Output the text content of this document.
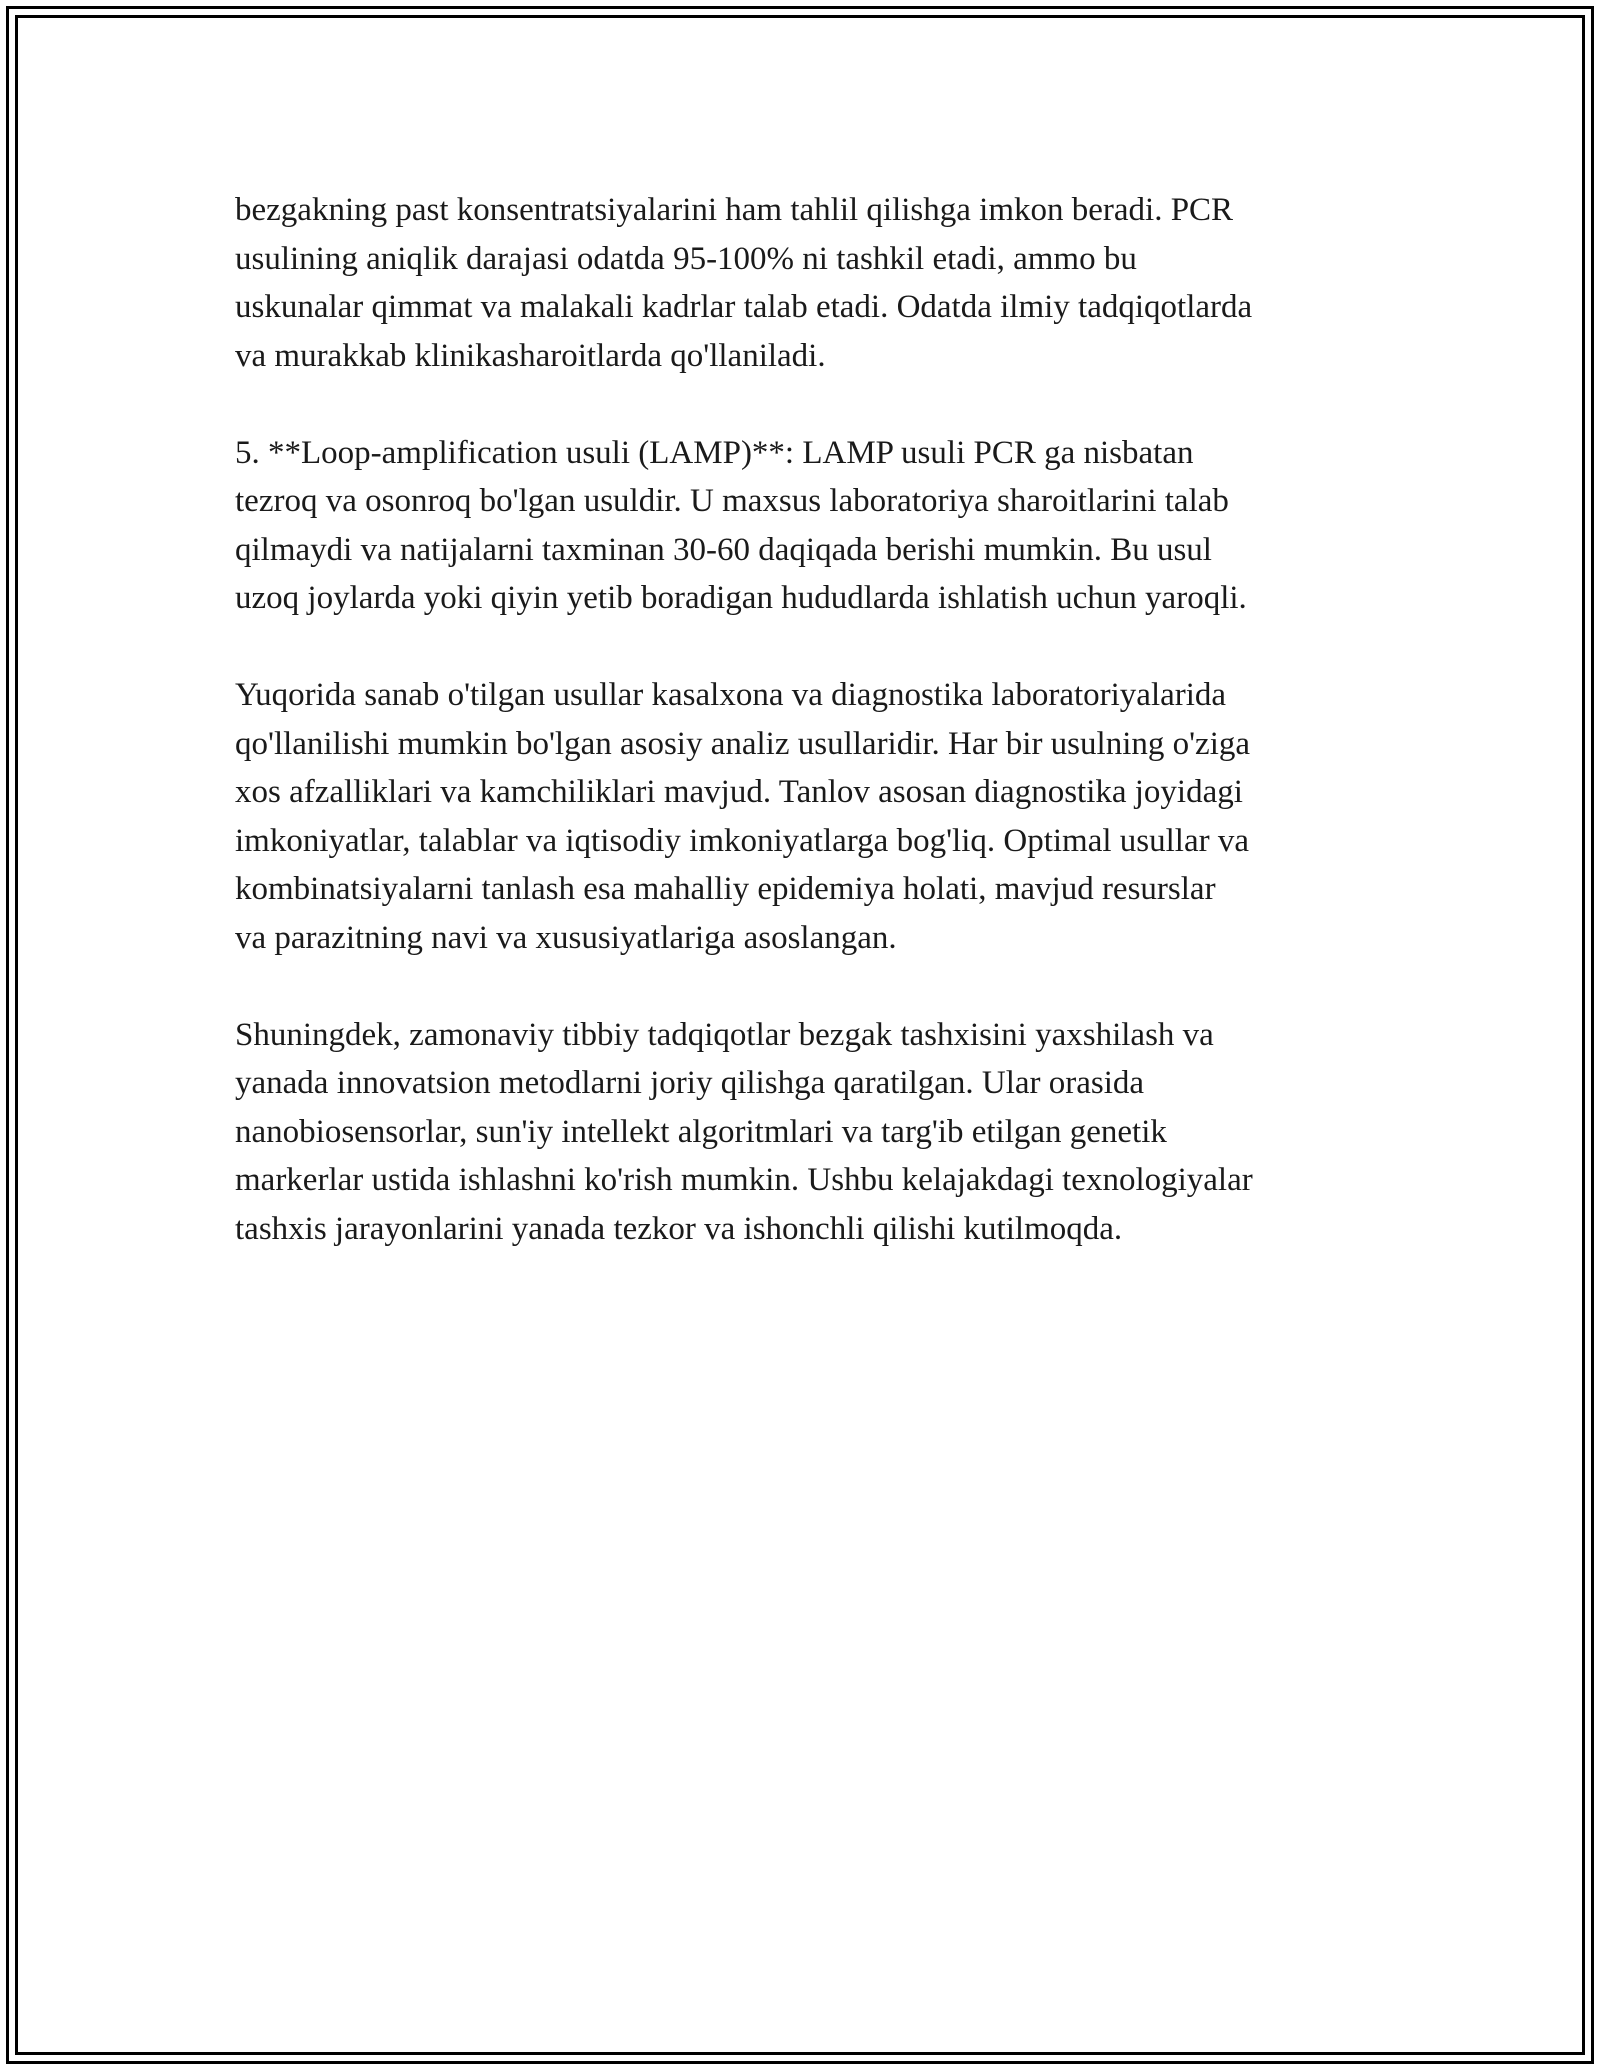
bezgakning past konsentratsiyalarini ham tahlil qilishga imkon beradi. PCR
usulining aniqlik darajasi odatda 95-100% ni tashkil etadi, ammo bu
uskunalar qimmat va malakali kadrlar talab etadi. Odatda ilmiy tadqiqotlarda
va murakkab klinikasharoitlarda qo'llaniladi.

5. **Loop-amplification usuli (LAMP)**: LAMP usuli PCR ga nisbatan
tezroq va osonroq bo'lgan usuldir. U maxsus laboratoriya sharoitlarini talab
qilmaydi va natijalarni taxminan 30-60 daqiqada berishi mumkin. Bu usul
uzoq joylarda yoki qiyin yetib boradigan hududlarda ishlatish uchun yaroqli.

Yuqorida sanab o'tilgan usullar kasalxona va diagnostika laboratoriyalarida
qo'llanilishi mumkin bo'lgan asosiy analiz usullaridir. Har bir usulning o'ziga
xos afzalliklari va kamchiliklari mavjud. Tanlov asosan diagnostika joyidagi
imkoniyatlar, talablar va iqtisodiy imkoniyatlarga bog'liq. Optimal usullar va
kombinatsiyalarni tanlash esa mahalliy epidemiya holati, mavjud resurslar
va parazitning navi va xususiyatlariga asoslangan.

Shuningdek, zamonaviy tibbiy tadqiqotlar bezgak tashxisini yaxshilash va
yanada innovatsion metodlarni joriy qilishga qaratilgan. Ular orasida
nanobiosensorlar, sun'iy intellekt algoritmlari va targ'ib etilgan genetik
markerlar ustida ishlashni ko'rish mumkin. Ushbu kelajakdagi texnologiyalar
tashxis jarayonlarini yanada tezkor va ishonchli qilishi kutilmoqda.
